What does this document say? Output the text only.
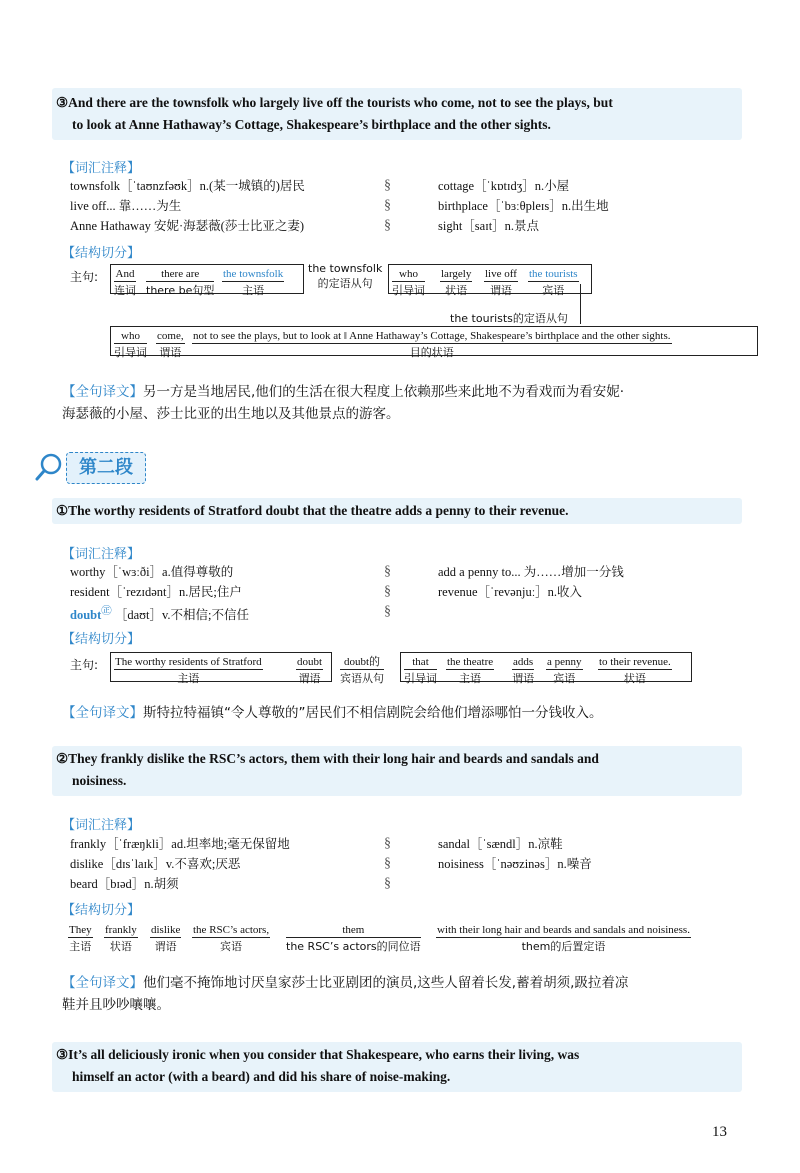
③And there are the townsfolk who largely live off the tourists who come, not to see the plays, but
to look at Anne Hathaway’s Cottage, Shakespeare’s birthplace and the other sights.
【词汇注释】
townsfolk［ˈtaʊnzfəʊk］n.(某一城镇的)居民
live off... 靠……为生
Anne Hathaway 安妮·海瑟薇(莎士比亚之妻)
§
§
§
cottage［ˈkɒtɪdʒ］n.小屋
birthplace［ˈbɜːθpleɪs］n.出生地
sight［saɪt］n.景点
【结构切分】
主句: And
连词
there are
there be句型
the townsfolk
主语
the townsfolk
的定语从句
who
引导词
largely
状语
live off
谓语
the tourists
宾语
the tourists的定语从句
who
引导词
come,
谓语
not to see the plays, but to look at ‖ Anne Hathaway’s Cottage, Shakespeare’s birthplace and the other sights.
目的状语
【全句译文】另一方是当地居民,他们的生活在很大程度上依赖那些来此地不为看戏而为看安妮·
海瑟薇的小屋、莎士比亚的出生地以及其他景点的游客。
第二段
①The worthy residents of Stratford doubt that the theatre adds a penny to their revenue.
【词汇注释】
worthy［ˈwɜːði］a.值得尊敬的
resident［ˈrezɪdənt］n.居民;住户
doubt㊣ ［daʊt］v.不相信;不信任
§
§
§
add a penny to... 为……增加一分钱
revenue［ˈrevənjuː］n.收入
【结构切分】
主句: The worthy residents of Stratford
主语
doubt
谓语
doubt的
宾语从句
that
引导词
the theatre
主语
adds
谓语
a penny
宾语
to their revenue.
状语
【全句译文】斯特拉特福镇“令人尊敬的”居民们不相信剧院会给他们增添哪怕一分钱收入。
②They frankly dislike the RSC’s actors, them with their long hair and beards and sandals and
noisiness.
【词汇注释】
frankly［ˈfræŋkli］ad.坦率地;毫无保留地
dislike［dɪsˈlaɪk］v.不喜欢;厌恶
beard［bɪəd］n.胡须
§
§
§
sandal［ˈsændl］n.凉鞋
noisiness［ˈnəʊzinəs］n.噪音
【结构切分】
They
主语
frankly
状语
dislike
谓语
the RSC’s actors,
宾语
them
the RSC’s actors的同位语
with their long hair and beards and sandals and noisiness.
them的后置定语
【全句译文】他们毫不掩饰地讨厌皇家莎士比亚剧团的演员,这些人留着长发,蓄着胡须,趿拉着凉
鞋并且吵吵嚷嚷。
③It’s all deliciously ironic when you consider that Shakespeare, who earns their living, was
himself an actor (with a beard) and did his share of noise-making.
13
